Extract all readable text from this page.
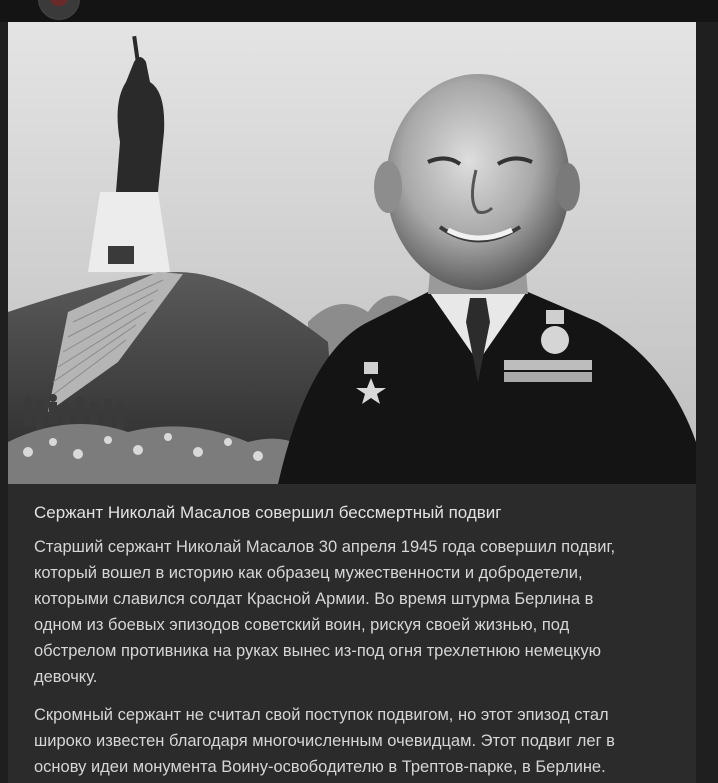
Сержант Николай Масалов совершил бессмертный подвиг

Старший сержант Николай Масалов 30 апреля 1945 года совершил подвиг,
который вошел в историю как образец мужественности и добродетели,
которыми славился солдат Красной Армии. Во время штурма Берлина в
одном из боевых эпизодов советский воин, рискуя своей жизнью, под
обстрелом противника на руках вынес из-под огня трехлетнюю немецкую
девочку.
Скромный сержант не считал свой поступок подвигом, но этот эпизод стал
широко известен благодаря многочисленным очевидцам. Этот подвиг лег в
основу идеи монумента Воину-освободителю в Трептов-парке, в Берлине.
